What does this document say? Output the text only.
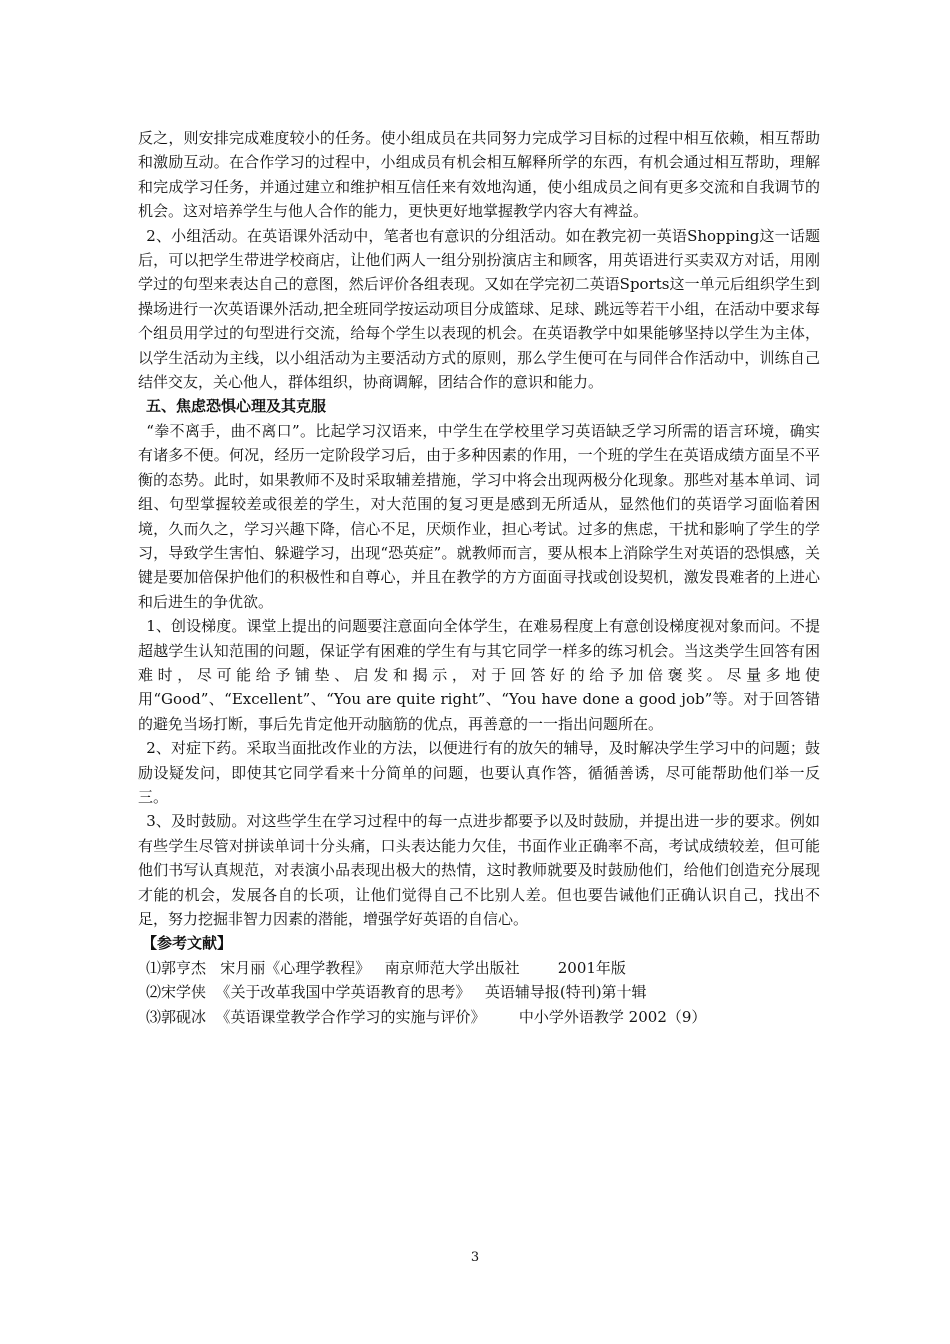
反之，则安排完成难度较小的任务。使小组成员在共同努力完成学习目标的过程中相互依赖，相互帮助和激励互动。在合作学习的过程中，小组成员有机会相互解释所学的东西，有机会通过相互帮助，理解和完成学习任务，并通过建立和维护相互信任来有效地沟通，使小组成员之间有更多交流和自我调节的机会。这对培养学生与他人合作的能力，更快更好地掌握教学内容大有裨益。

2、小组活动。在英语课外活动中，笔者也有意识的分组活动。如在教完初一英语Shopping这一话题后，可以把学生带进学校商店，让他们两人一组分别扮演店主和顾客，用英语进行买卖双方对话，用刚学过的句型来表达自己的意图，然后评价各组表现。又如在学完初二英语Sports这一单元后组织学生到操场进行一次英语课外活动,把全班同学按运动项目分成篮球、足球、跳远等若干小组，在活动中要求每个组员用学过的句型进行交流，给每个学生以表现的机会。在英语教学中如果能够坚持以学生为主体，以学生活动为主线，以小组活动为主要活动方式的原则，那么学生便可在与同伴合作活动中，训练自己结伴交友，关心他人，群体组织，协商调解，团结合作的意识和能力。

五、焦虑恐惧心理及其克服

“拳不离手，曲不离口”。比起学习汉语来，中学生在学校里学习英语缺乏学习所需的语言环境，确实有诸多不便。何况，经历一定阶段学习后，由于多种因素的作用，一个班的学生在英语成绩方面呈不平衡的态势。此时，如果教师不及时采取辅差措施，学习中将会出现两极分化现象。那些对基本单词、词组、句型掌握较差或很差的学生，对大范围的复习更是感到无所适从，显然他们的英语学习面临着困境，久而久之，学习兴趣下降，信心不足，厌烦作业，担心考试。过多的焦虑，干扰和影响了学生的学习，导致学生害怕、躲避学习，出现“恐英症”。就教师而言，要从根本上消除学生对英语的恐惧感，关键是要加倍保护他们的积极性和自尊心，并且在教学的方方面面寻找或创设契机，激发畏难者的上进心和后进生的争优欲。

1、创设梯度。课堂上提出的问题要注意面向全体学生，在难易程度上有意创设梯度视对象而问。不提超越学生认知范围的问题，保证学有困难的学生有与其它同学一样多的练习机会。当这类学生回答有困难时，尽可能给予铺垫、启发和揭示，对于回答好的给予加倍褒奖。尽量多地使用“Good”、“Excellent”、“You are quite right”、“You have done a good job”等。对于回答错的避免当场打断，事后先肯定他开动脑筋的优点，再善意的一一指出问题所在。

2、对症下药。采取当面批改作业的方法，以便进行有的放矢的辅导，及时解决学生学习中的问题；鼓励设疑发问，即使其它同学看来十分简单的问题，也要认真作答，循循善诱，尽可能帮助他们举一反三。

3、及时鼓励。对这些学生在学习过程中的每一点进步都要予以及时鼓励，并提出进一步的要求。例如有些学生尽管对拼读单词十分头痛，口头表达能力欠佳，书面作业正确率不高，考试成绩较差，但可能他们书写认真规范，对表演小品表现出极大的热情，这时教师就要及时鼓励他们，给他们创造充分展现才能的机会，发展各自的长项，让他们觉得自己不比别人差。但也要告诫他们正确认识自己，找出不足，努力挖掘非智力因素的潜能，增强学好英语的自信心。

【参考文献】

⑴郭亨杰   宋月丽《心理学教程》   南京师范大学出版社        2001年版

⑵宋学侠  《关于改革我国中学英语教育的思考》   英语辅导报(特刊)第十辑

⑶郭砚冰  《英语课堂教学合作学习的实施与评价》       中小学外语教学 2002（9）

3
